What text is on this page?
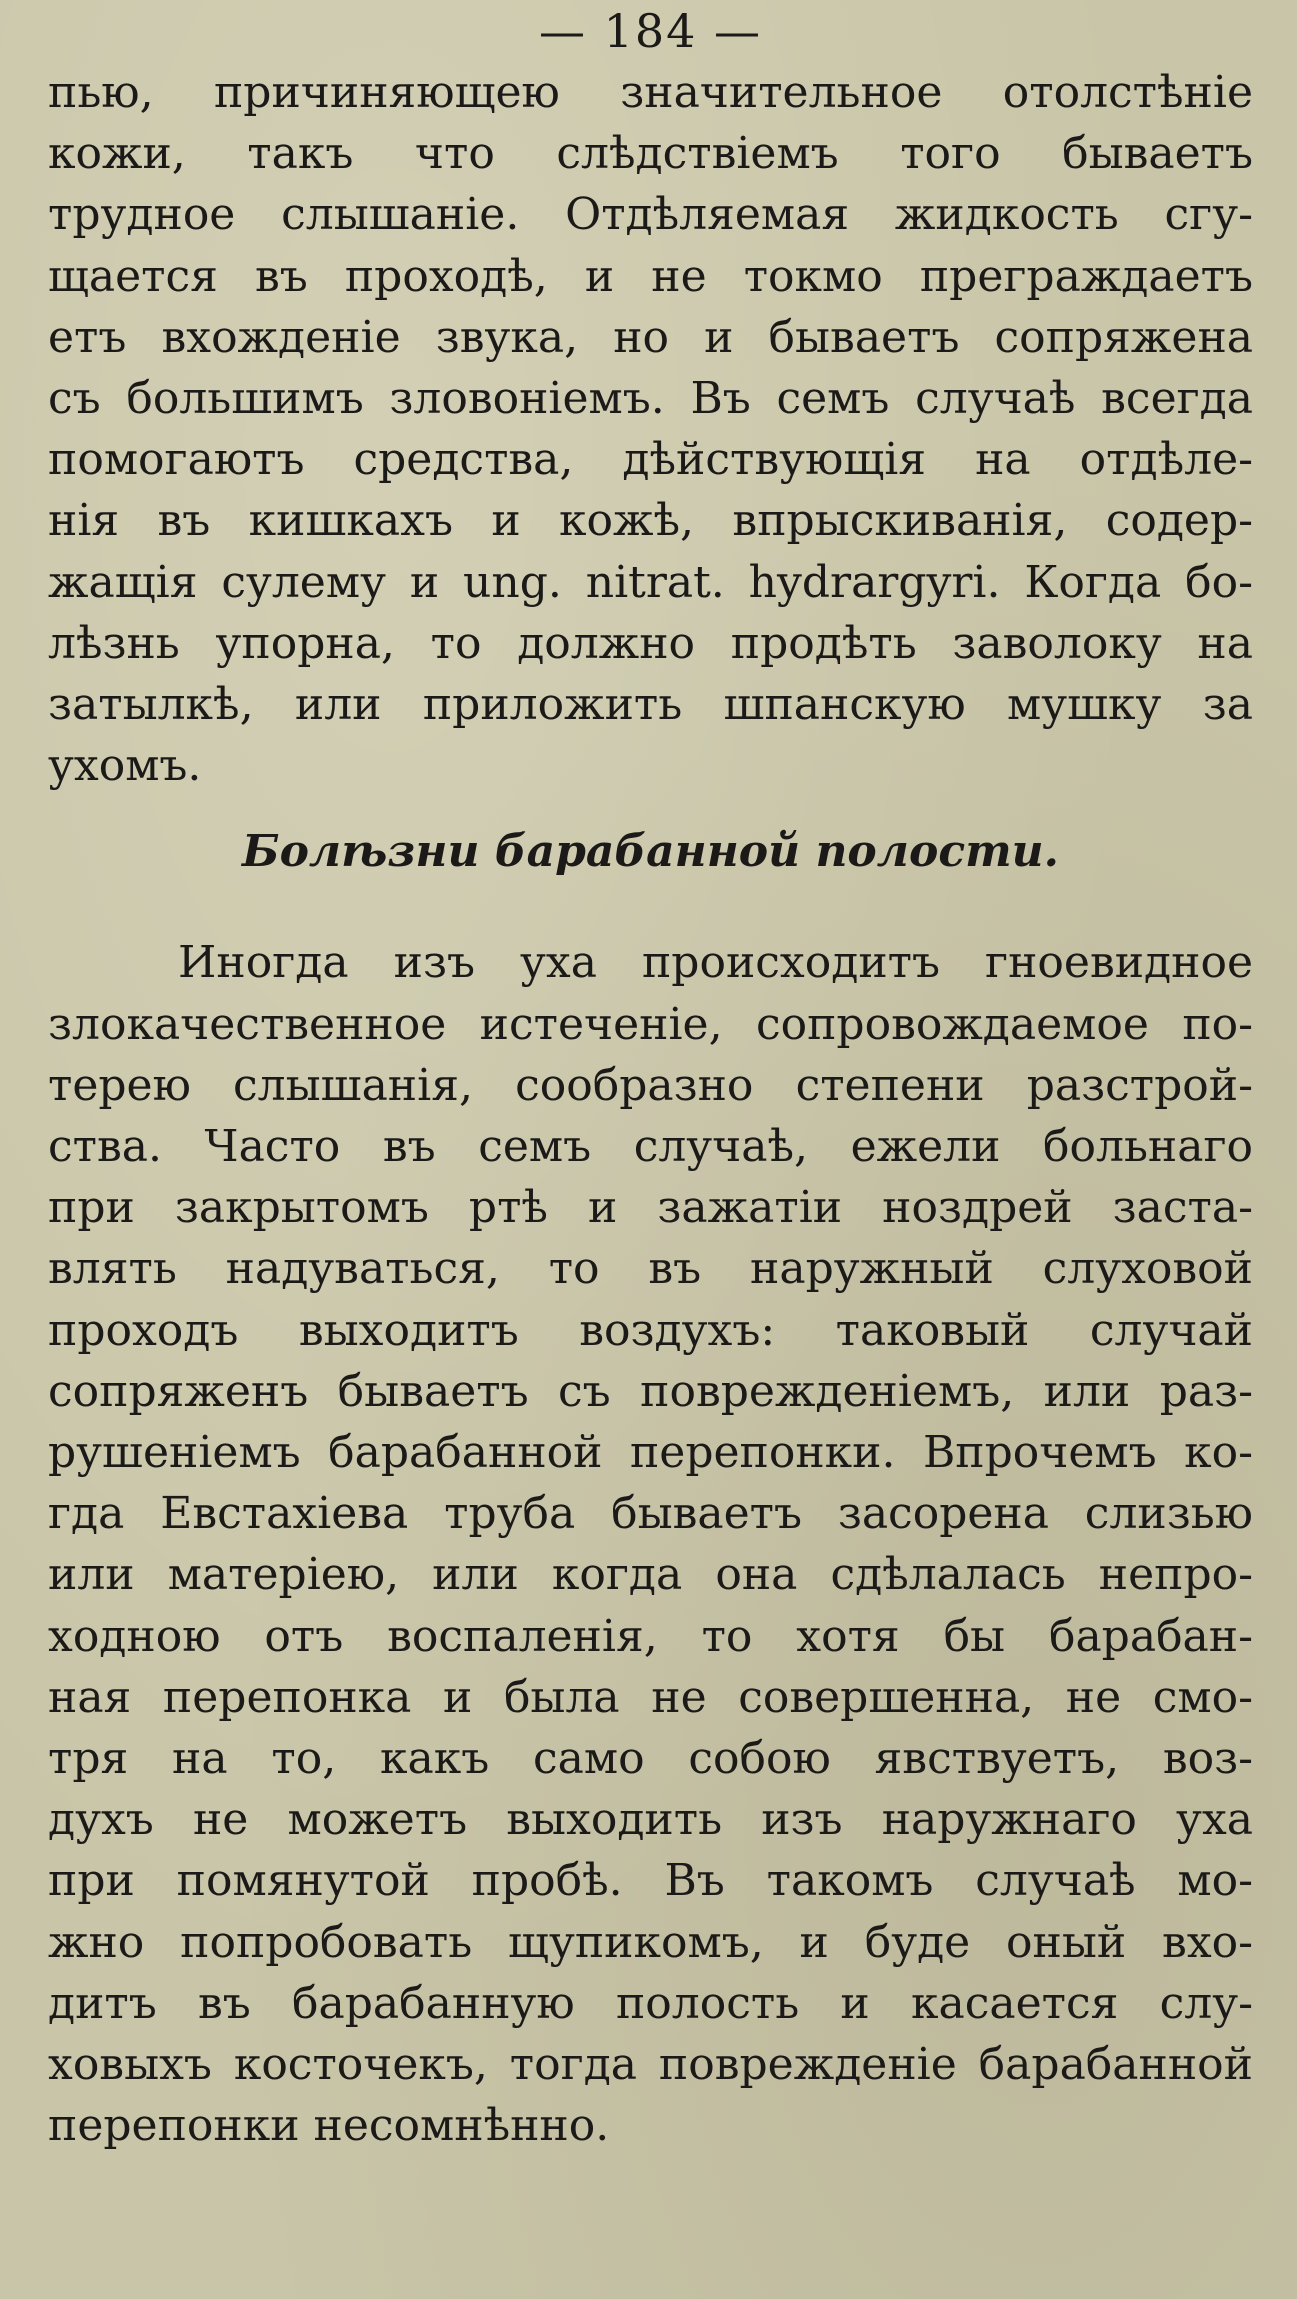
— 184 —
пью, причиняющею значительное отолстѣніе
кожи, такъ что слѣдствіемъ того бываетъ
трудное слышаніе. Отдѣляемая жидкость сгу-
щается въ проходѣ, и не токмо преграждаетъ
етъ вхожденіе звука, но и бываетъ сопряжена
съ большимъ зловоніемъ. Въ семъ случаѣ всегда
помогаютъ средства, дѣйствующія на отдѣле-
нія въ кишкахъ и кожѣ, впрыскиванія, содер-
жащія сулему и ung. nitrat. hydrargyri. Когда бо-
лѣзнь упорна, то должно продѣть заволоку на
затылкѣ, или приложить шпанскую мушку за
ухомъ.
Болѣзни барабанной полости.
Иногда изъ уха происходитъ гноевидное
злокачественное истеченіе, сопровождаемое по-
терею слышанія, сообразно степени разстрой-
ства. Часто въ семъ случаѣ, ежели больнаго
при закрытомъ ртѣ и зажатіи ноздрей заста-
влять надуваться, то въ наружный слуховой
проходъ выходитъ воздухъ: таковый случай
сопряженъ бываетъ съ поврежденіемъ, или раз-
рушеніемъ барабанной перепонки. Впрочемъ ко-
гда Евстахіева труба бываетъ засорена слизью
или матеріею, или когда она сдѣлалась непро-
ходною отъ воспаленія, то хотя бы барабан-
ная перепонка и была не совершенна, не смо-
тря на то, какъ само собою явствуетъ, воз-
духъ не можетъ выходить изъ наружнаго уха
при помянутой пробѣ. Въ такомъ случаѣ мо-
жно попробовать щупикомъ, и буде оный вхо-
дитъ въ барабанную полость и касается слу-
ховыхъ косточекъ, тогда поврежденіе барабанной
перепонки несомнѣнно.
